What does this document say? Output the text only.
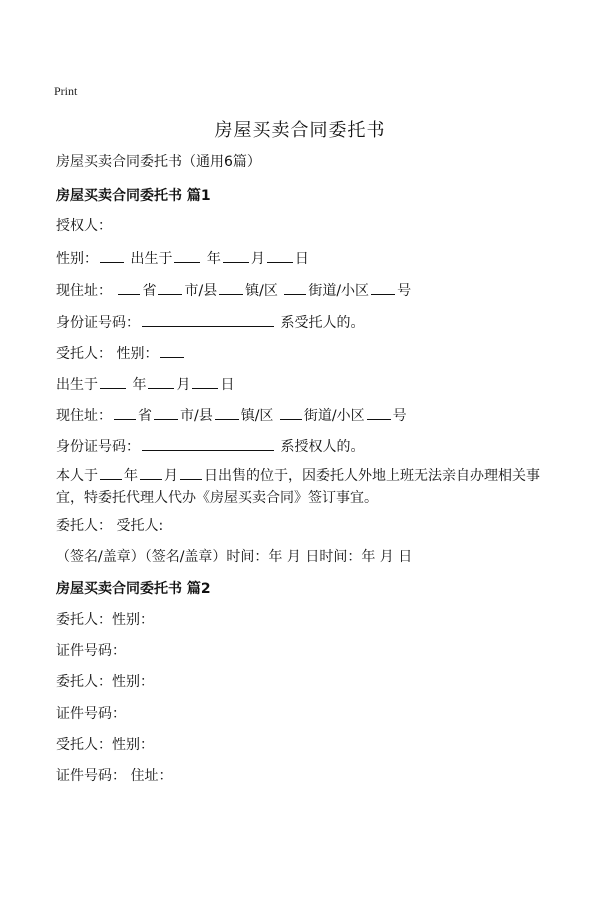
Print
房屋买卖合同委托书
房屋买卖合同委托书（通用6篇）
房屋买卖合同委托书 篇1
授权人：
性别： 出生于 年 月 日
现住址： 省 市/县 镇/区 街道/小区 号
身份证号码：	系受托人的。
受托人： 性别：
出生于 年 月 日
现住址： 省 市/县 镇/区 街道/小区 号
身份证号码：	系授权人的。
本人于 年 月 日出售的位于，因委托人外地上班无法亲自办理相关事宜，特委托代理人代办《房屋买卖合同》签订事宜。
委托人： 受托人:
（签名/盖章）（签名/盖章）时间：年 月 日时间：年 月 日
房屋买卖合同委托书 篇2
委托人：性别：
证件号码：
委托人：性别：
证件号码：
受托人：性别：
证件号码： 住址：
